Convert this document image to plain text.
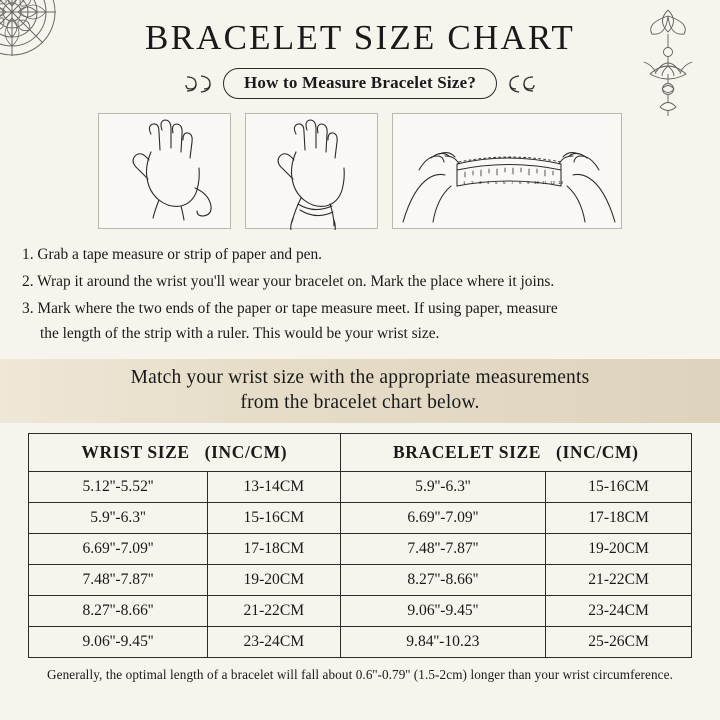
BRACELET SIZE CHART
How to Measure Bracelet Size?
1 2 3 4 5 6 7 8 9 10 11 12 13
1. Grab a tape measure or strip of paper and pen.
2. Wrap it around the wrist you'll wear your bracelet on. Mark the place where it joins.
3. Mark where the two ends of the paper or tape measure meet. If using paper, measure
the length of the strip with a ruler. This would be your wrist size.
Match your wrist size with the appropriate measurements
from the bracelet chart below.
WRIST SIZE (INC/CM)		BRACELET SIZE (INC/CM)	
5.12''-5.52''	13-14CM	5.9''-6.3''	15-16CM
5.9''-6.3''	15-16CM	6.69''-7.09''	17-18CM
6.69''-7.09''	17-18CM	7.48''-7.87''	19-20CM
7.48''-7.87''	19-20CM	8.27''-8.66''	21-22CM
8.27''-8.66''	21-22CM	9.06''-9.45''	23-24CM
9.06''-9.45''	23-24CM	9.84''-10.23	25-26CM
Generally, the optimal length of a bracelet will fall about 0.6''-0.79'' (1.5-2cm) longer than your wrist circumference.
